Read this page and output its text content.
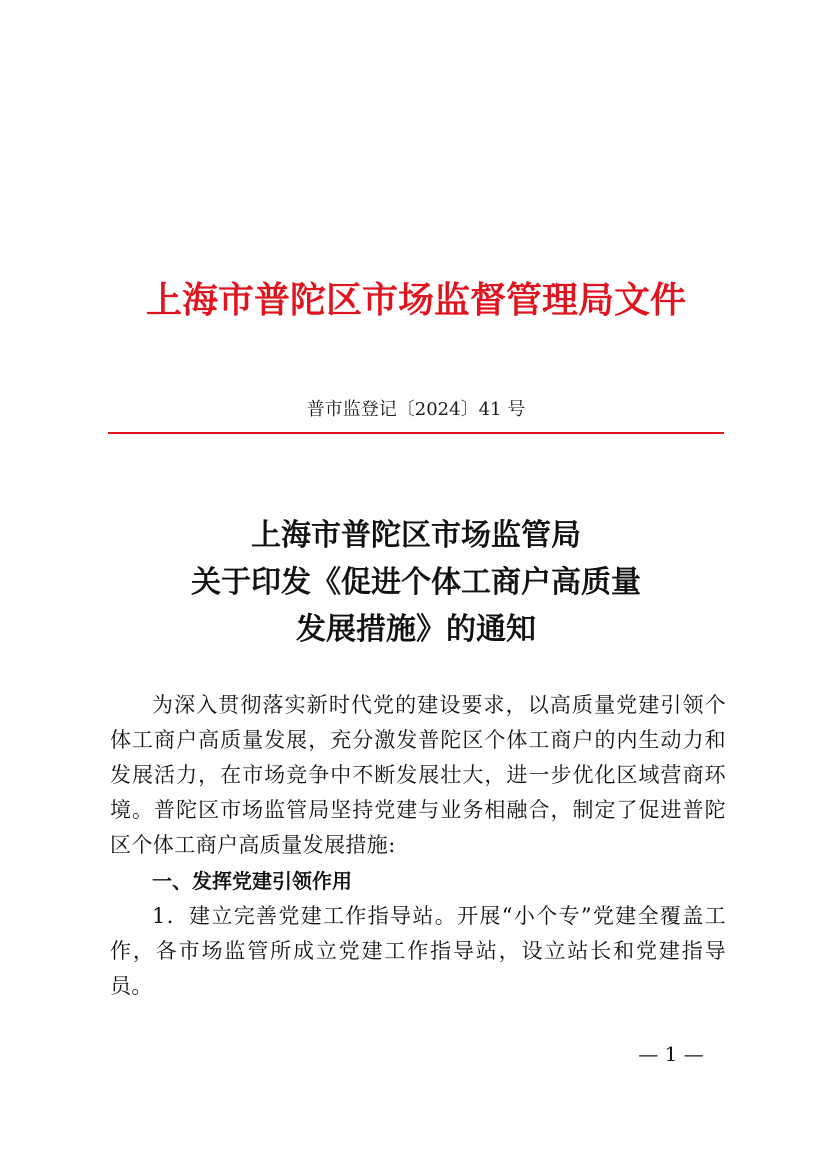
上海市普陀区市场监督管理局文件
普市监登记〔2024〕41 号
上海市普陀区市场监管局
关于印发《促进个体工商户高质量
发展措施》的通知

为深入贯彻落实新时代党的建设要求，以高质量党建引领个体工商户高质量发展，充分激发普陀区个体工商户的内生动力和发展活力，在市场竞争中不断发展壮大，进一步优化区域营商环境。普陀区市场监管局坚持党建与业务相融合，制定了促进普陀区个体工商户高质量发展措施:

一、发挥党建引领作用

1．建立完善党建工作指导站。开展“小个专”党建全覆盖工作，各市场监管所成立党建工作指导站，设立站长和党建指导员。

— 1 —
